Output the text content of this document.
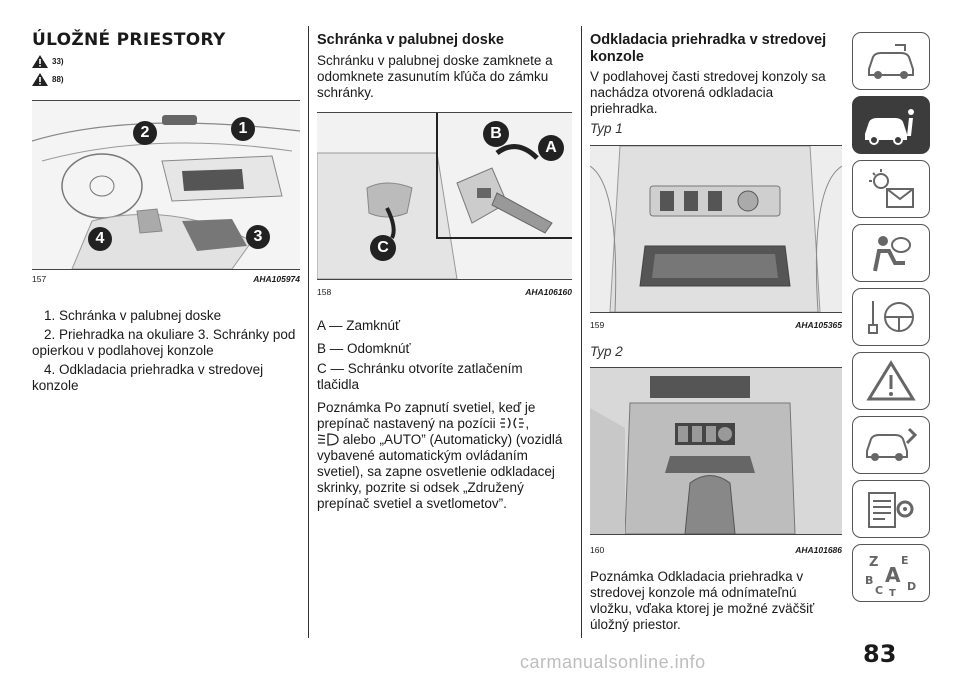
ÚLOŽNÉ PRIESTORY
33)
88)
2	1
3
4
157	AHA105974

1. Schránka v palubnej doske

2. Priehradka na okuliare 3. Schránky pod opierkou v podlahovej konzole

4. Odkladacia priehradka v stredovej konzole

Schránka v palubnej doske

Schránku v palubnej doske zamknete a odomknete zasunutím kľúča do zámku schránky.

B
A
C
158	AHA106160

A — Zamknúť

B — Odomknúť

C — Schránku otvoríte zatlačením tlačidla

Poznámka Po zapnutí svetiel, keď je prepínač nastavený na pozícii ,
alebo „AUTO” (Automaticky) (vozidlá vybavené automatickým ovládaním svetiel), sa zapne osvetlenie odkladacej skrinky, pozrite si odsek „Združený prepínač svetiel a svetlometov”.
Odkladacia priehradka v stredovej konzole

V podlahovej časti stredovej konzoly sa nachádza otvorená odkladacia priehradka.

Typ 1
159	AHA105365
Typ 2
160	AHA101686

Poznámka Odkladacia priehradka v stredovej konzole má odnímateľnú vložku, vďaka ktorej je možné zväčšiť úložný priestor.

Z E
B A
C D
T
83
carmanualsonline.info
